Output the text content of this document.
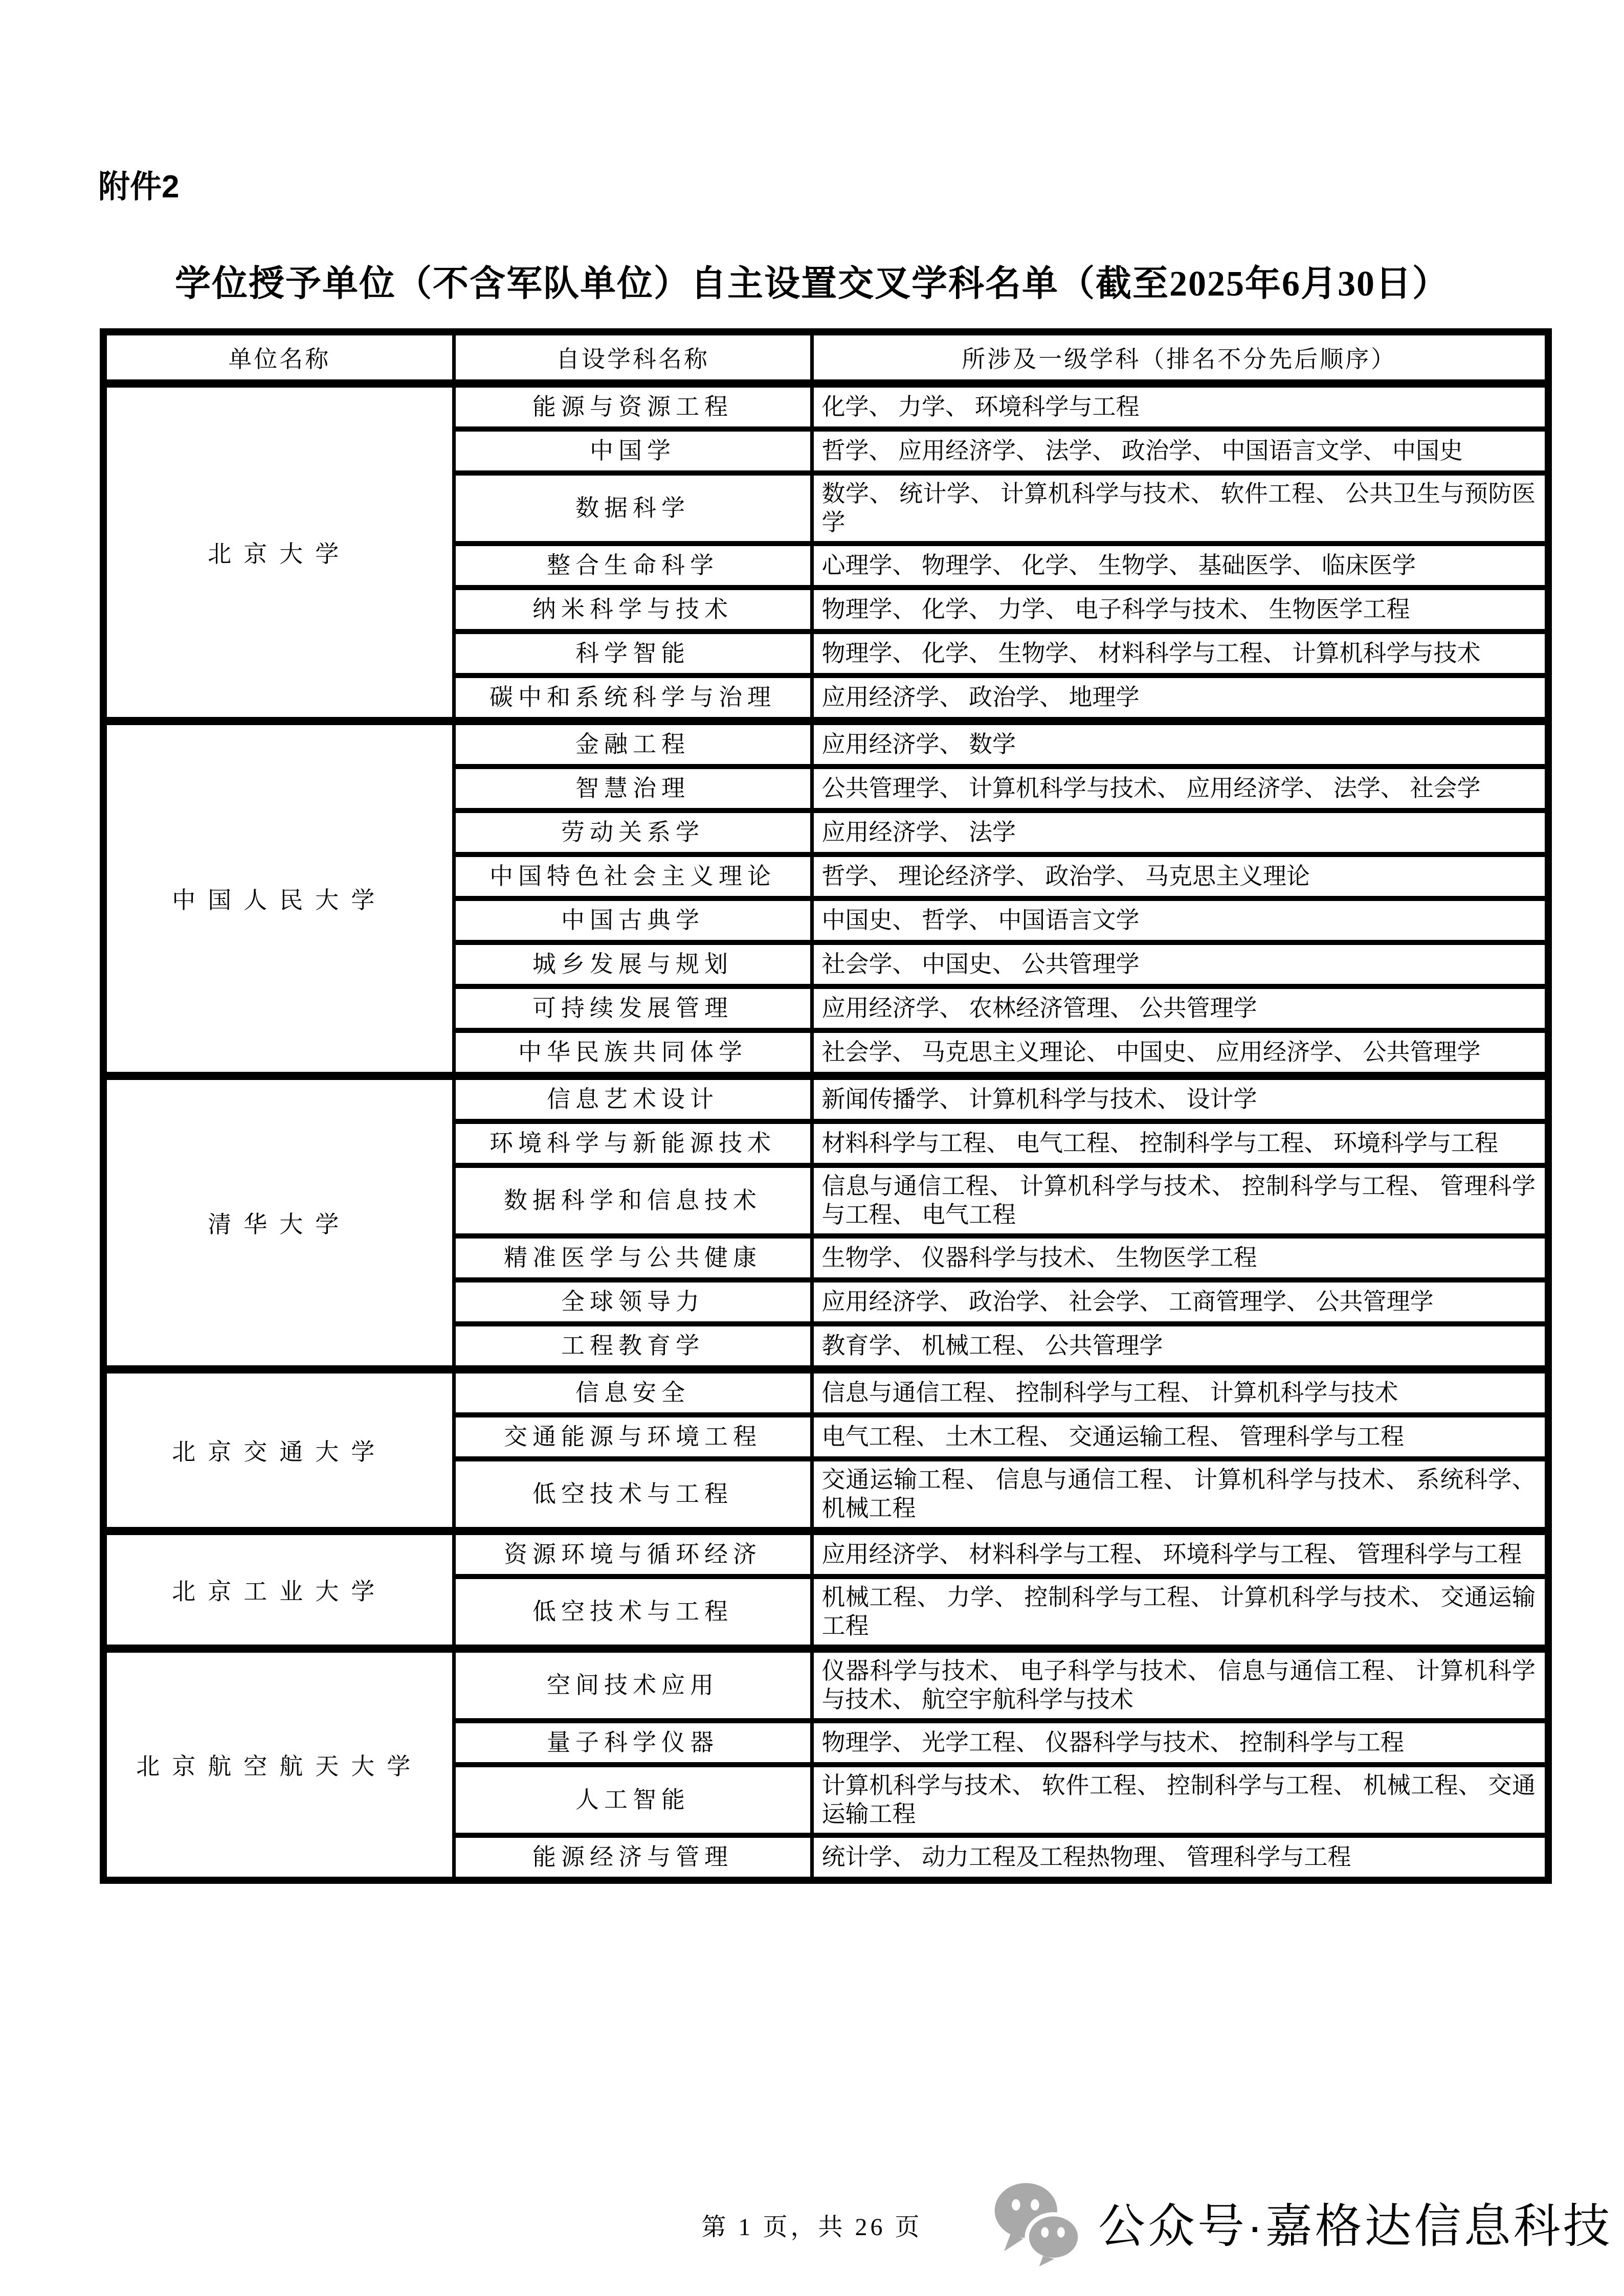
附件2
学位授予单位（不含军队单位）自主设置交叉学科名单（截至2025年6月30日）
单位名称	自设学科名称	所涉及一级学科（排名不分先后顺序）
北京大学	能源与资源工程	化学、 力学、 环境科学与工程
	中国学	哲学、 应用经济学、 法学、 政治学、 中国语言文学、 中国史
	数据科学	数学、 统计学、 计算机科学与技术、 软件工程、 公共卫生与预防医学
	整合生命科学	心理学、 物理学、 化学、 生物学、 基础医学、 临床医学
	纳米科学与技术	物理学、 化学、 力学、 电子科学与技术、 生物医学工程
	科学智能	物理学、 化学、 生物学、 材料科学与工程、 计算机科学与技术
	碳中和系统科学与治理	应用经济学、 政治学、 地理学
中国人民大学	金融工程	应用经济学、 数学
	智慧治理	公共管理学、 计算机科学与技术、 应用经济学、 法学、 社会学
	劳动关系学	应用经济学、 法学
	中国特色社会主义理论	哲学、 理论经济学、 政治学、 马克思主义理论
	中国古典学	中国史、 哲学、 中国语言文学
	城乡发展与规划	社会学、 中国史、 公共管理学
	可持续发展管理	应用经济学、 农林经济管理、 公共管理学
	中华民族共同体学	社会学、 马克思主义理论、 中国史、 应用经济学、 公共管理学
清华大学	信息艺术设计	新闻传播学、 计算机科学与技术、 设计学
	环境科学与新能源技术	材料科学与工程、 电气工程、 控制科学与工程、 环境科学与工程
	数据科学和信息技术	信息与通信工程、 计算机科学与技术、 控制科学与工程、 管理科学与工程、 电气工程
	精准医学与公共健康	生物学、 仪器科学与技术、 生物医学工程
	全球领导力	应用经济学、 政治学、 社会学、 工商管理学、 公共管理学
	工程教育学	教育学、 机械工程、 公共管理学
北京交通大学	信息安全	信息与通信工程、 控制科学与工程、 计算机科学与技术
	交通能源与环境工程	电气工程、 土木工程、 交通运输工程、 管理科学与工程
	低空技术与工程	交通运输工程、 信息与通信工程、 计算机科学与技术、 系统科学、 机械工程
北京工业大学	资源环境与循环经济	应用经济学、 材料科学与工程、 环境科学与工程、 管理科学与工程
	低空技术与工程	机械工程、 力学、 控制科学与工程、 计算机科学与技术、 交通运输工程
北京航空航天大学	空间技术应用	仪器科学与技术、 电子科学与技术、 信息与通信工程、 计算机科学与技术、 航空宇航科学与技术
	量子科学仪器	物理学、 光学工程、 仪器科学与技术、 控制科学与工程
	人工智能	计算机科学与技术、 软件工程、 控制科学与工程、 机械工程、 交通运输工程
	能源经济与管理	统计学、 动力工程及工程热物理、 管理科学与工程
第 1 页，共 26 页	公众号·嘉格达信息科技
